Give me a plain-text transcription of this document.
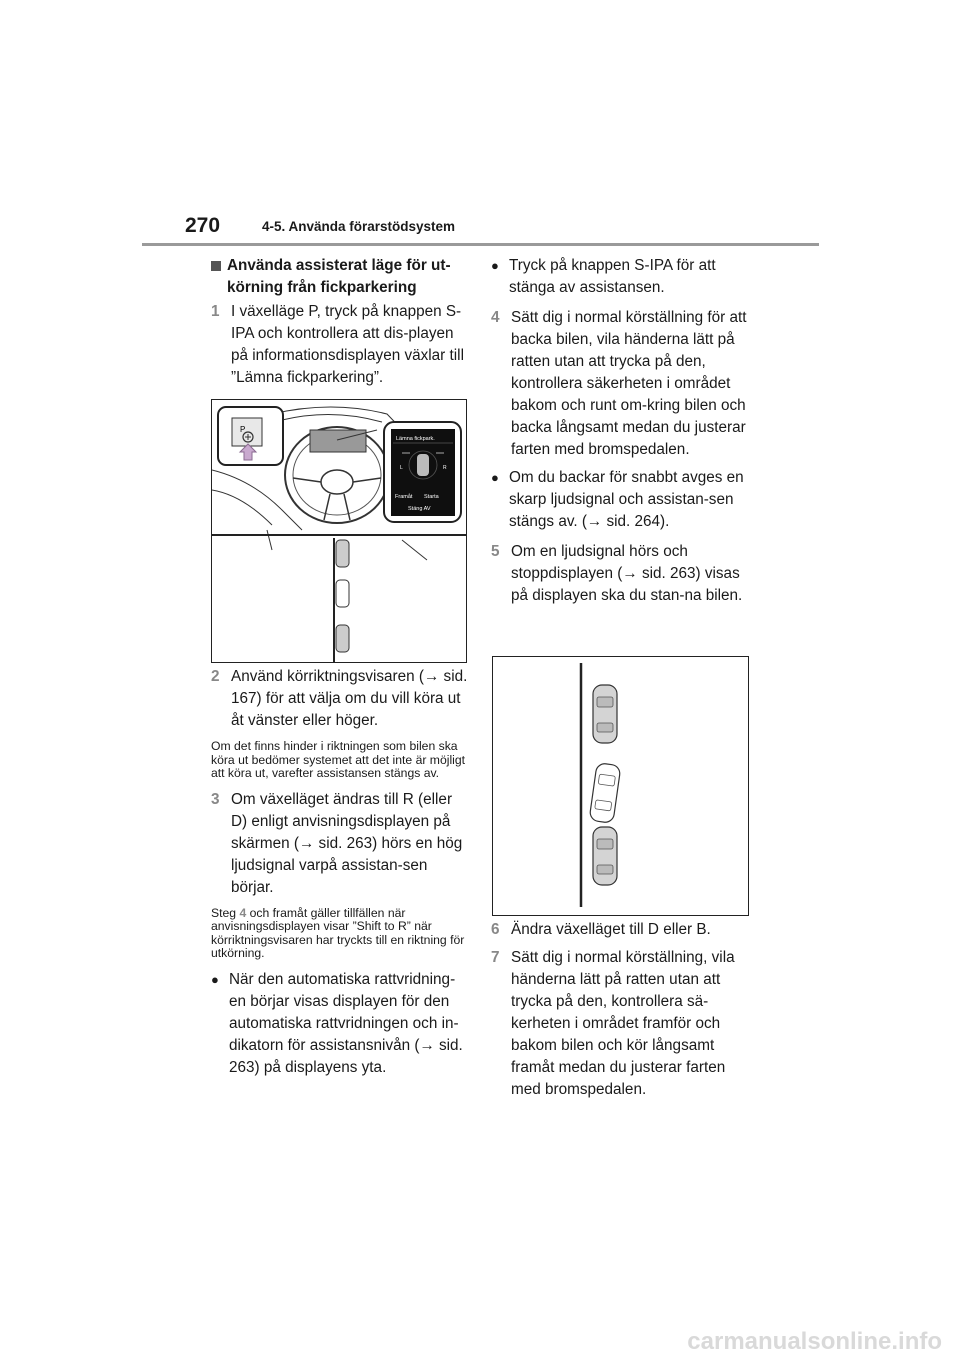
270	4-5. Använda förarstödsystem
Använda assisterat läge för ut-körning från fickparkering
1 I växelläge P, tryck på knappen S-IPA och kontrollera att dis-playen på informationsdisplayen växlar till ”Lämna fickparkering”.
P
Lämna fickpark.
L	R
Framåt Starta
Stäng AV
2 Använd körriktningsvisaren (→ sid. 167) för att välja om du vill köra ut åt vänster eller höger.

Om det finns hinder i riktningen som bilen ska köra ut bedömer systemet att det inte är möjligt att köra ut, varefter assistansen stängs av.

3 Om växelläget ändras till R (eller D) enligt anvisningsdisplayen på skärmen (→ sid. 263) hörs en hög ljudsignal varpå assistan-sen börjar.

Steg 4 och framåt gäller tillfällen när anvisningsdisplayen visar ”Shift to R” när körriktningsvisaren har tryckts till en riktning för utkörning.

● När den automatiska rattvridning-en börjar visas displayen för den automatiska rattvridningen och in-dikatorn för assistansnivån (→ sid. 263) på displayens yta.
● Tryck på knappen S-IPA för att stänga av assistansen.
4 Sätt dig i normal körställning för att backa bilen, vila händerna lätt på ratten utan att trycka på den, kontrollera säkerheten i området bakom och runt om-kring bilen och backa långsamt medan du justerar farten med bromspedalen.
● Om du backar för snabbt avges en skarp ljudsignal och assistan-sen stängs av. (→ sid. 264).
5 Om en ljudsignal hörs och stoppdisplayen (→ sid. 263) visas på displayen ska du stan-na bilen.
6 Ändra växelläget till D eller B.
7 Sätt dig i normal körställning, vila händerna lätt på ratten utan att trycka på den, kontrollera sä-kerheten i området framför och bakom bilen och kör långsamt framåt medan du justerar farten med bromspedalen.
carmanualsonline.info
